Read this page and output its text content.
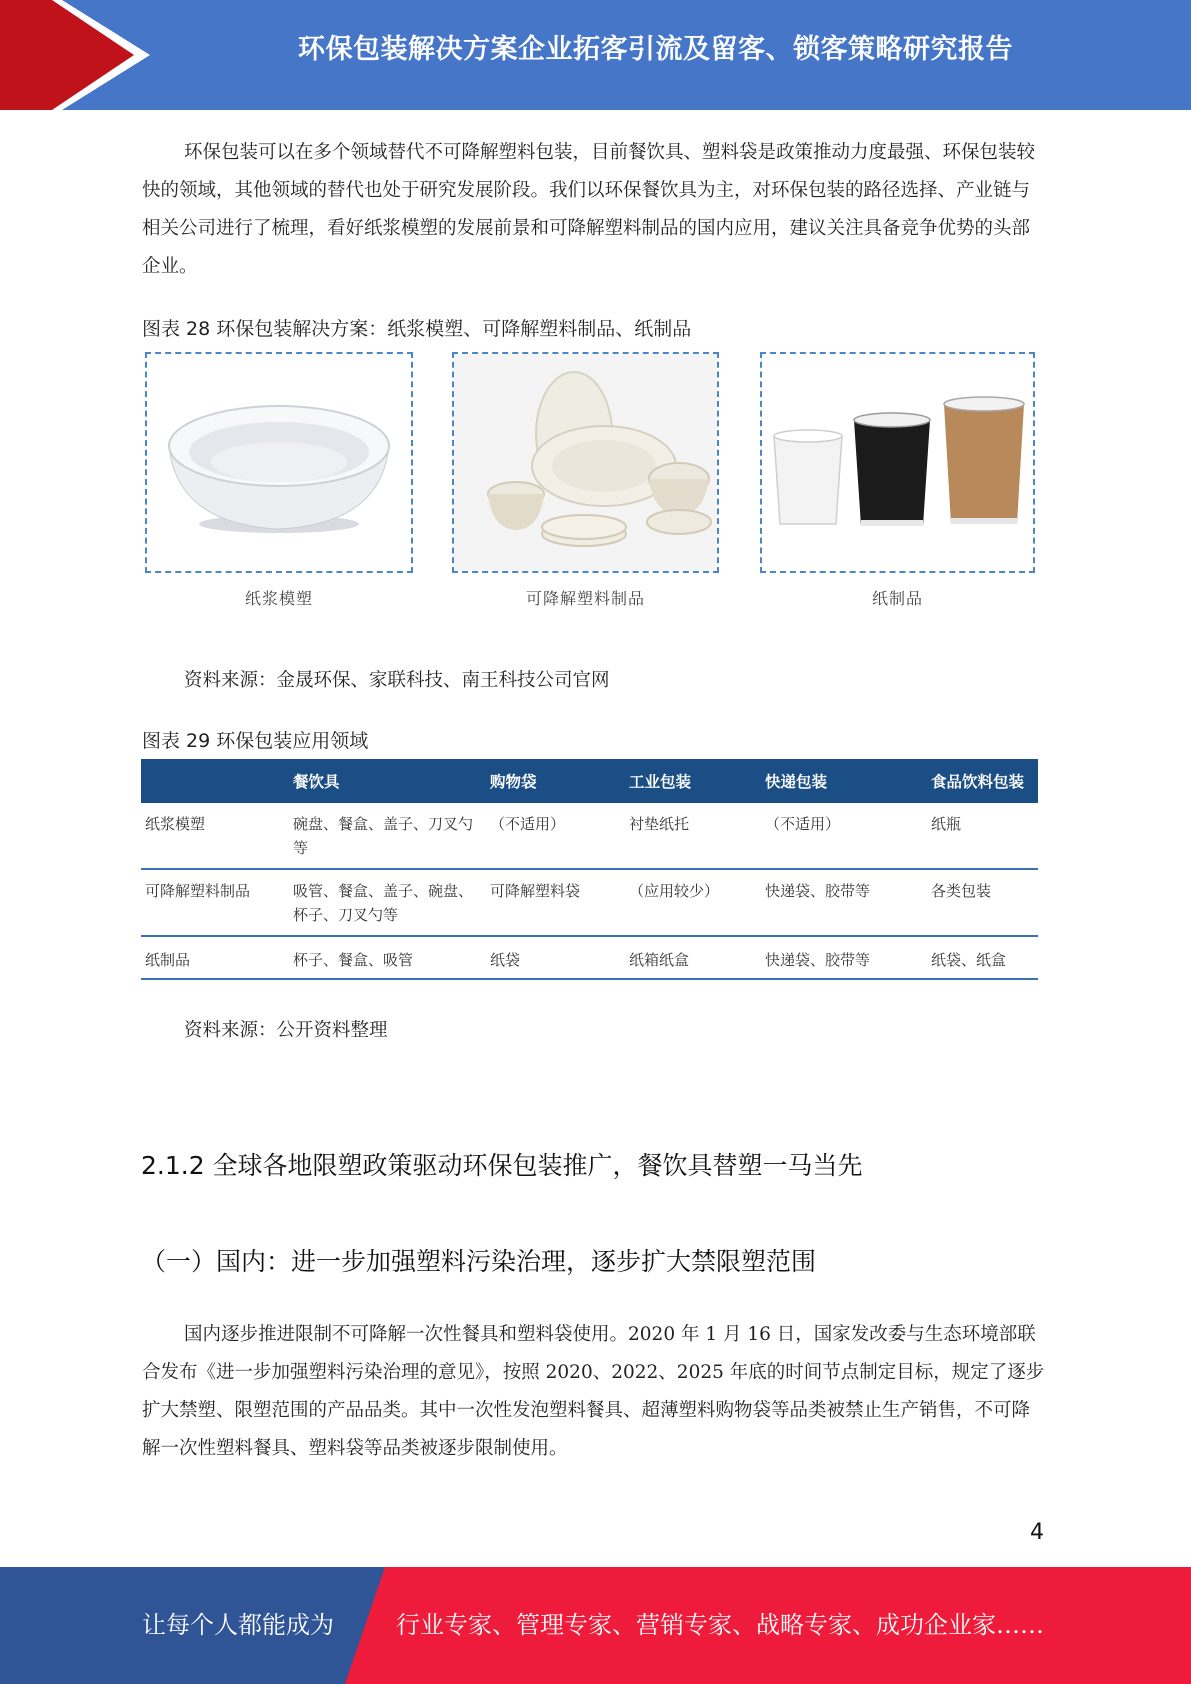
环保包装解决方案企业拓客引流及留客、锁客策略研究报告

环保包装可以在多个领域替代不可降解塑料包装，目前餐饮具、塑料袋是政策推动力度最强、环保包装较快的领域，其他领域的替代也处于研究发展阶段。我们以环保餐饮具为主，对环保包装的路径选择、产业链与相关公司进行了梳理，看好纸浆模塑的发展前景和可降解塑料制品的国内应用，建议关注具备竞争优势的头部企业。

图表 28 环保包装解决方案：纸浆模塑、可降解塑料制品、纸制品
纸浆模塑	可降解塑料制品	纸制品
资料来源：金晟环保、家联科技、南王科技公司官网
图表 29 环保包装应用领域
	餐饮具	购物袋	工业包装	快递包装	食品饮料包装
纸浆模塑	碗盘、餐盒、盖子、刀叉勺等	（不适用）	衬垫纸托	（不适用）	纸瓶
可降解塑料制品	吸管、餐盒、盖子、碗盘、杯子、刀叉勺等	可降解塑料袋	（应用较少）	快递袋、胶带等	各类包装
纸制品	杯子、餐盒、吸管	纸袋	纸箱纸盒	快递袋、胶带等	纸袋、纸盒
资料来源：公开资料整理
2.1.2 全球各地限塑政策驱动环保包装推广，餐饮具替塑一马当先
（一）国内：进一步加强塑料污染治理，逐步扩大禁限塑范围

国内逐步推进限制不可降解一次性餐具和塑料袋使用。2020 年 1 月 16 日，国家发改委与生态环境部联合发布《进一步加强塑料污染治理的意见》，按照 2020、2022、2025 年底的时间节点制定目标，规定了逐步扩大禁塑、限塑范围的产品品类。其中一次性发泡塑料餐具、超薄塑料购物袋等品类被禁止生产销售，不可降解一次性塑料餐具、塑料袋等品类被逐步限制使用。

4
让每个人都能成为	行业专家、管理专家、营销专家、战略专家、成功企业家……
